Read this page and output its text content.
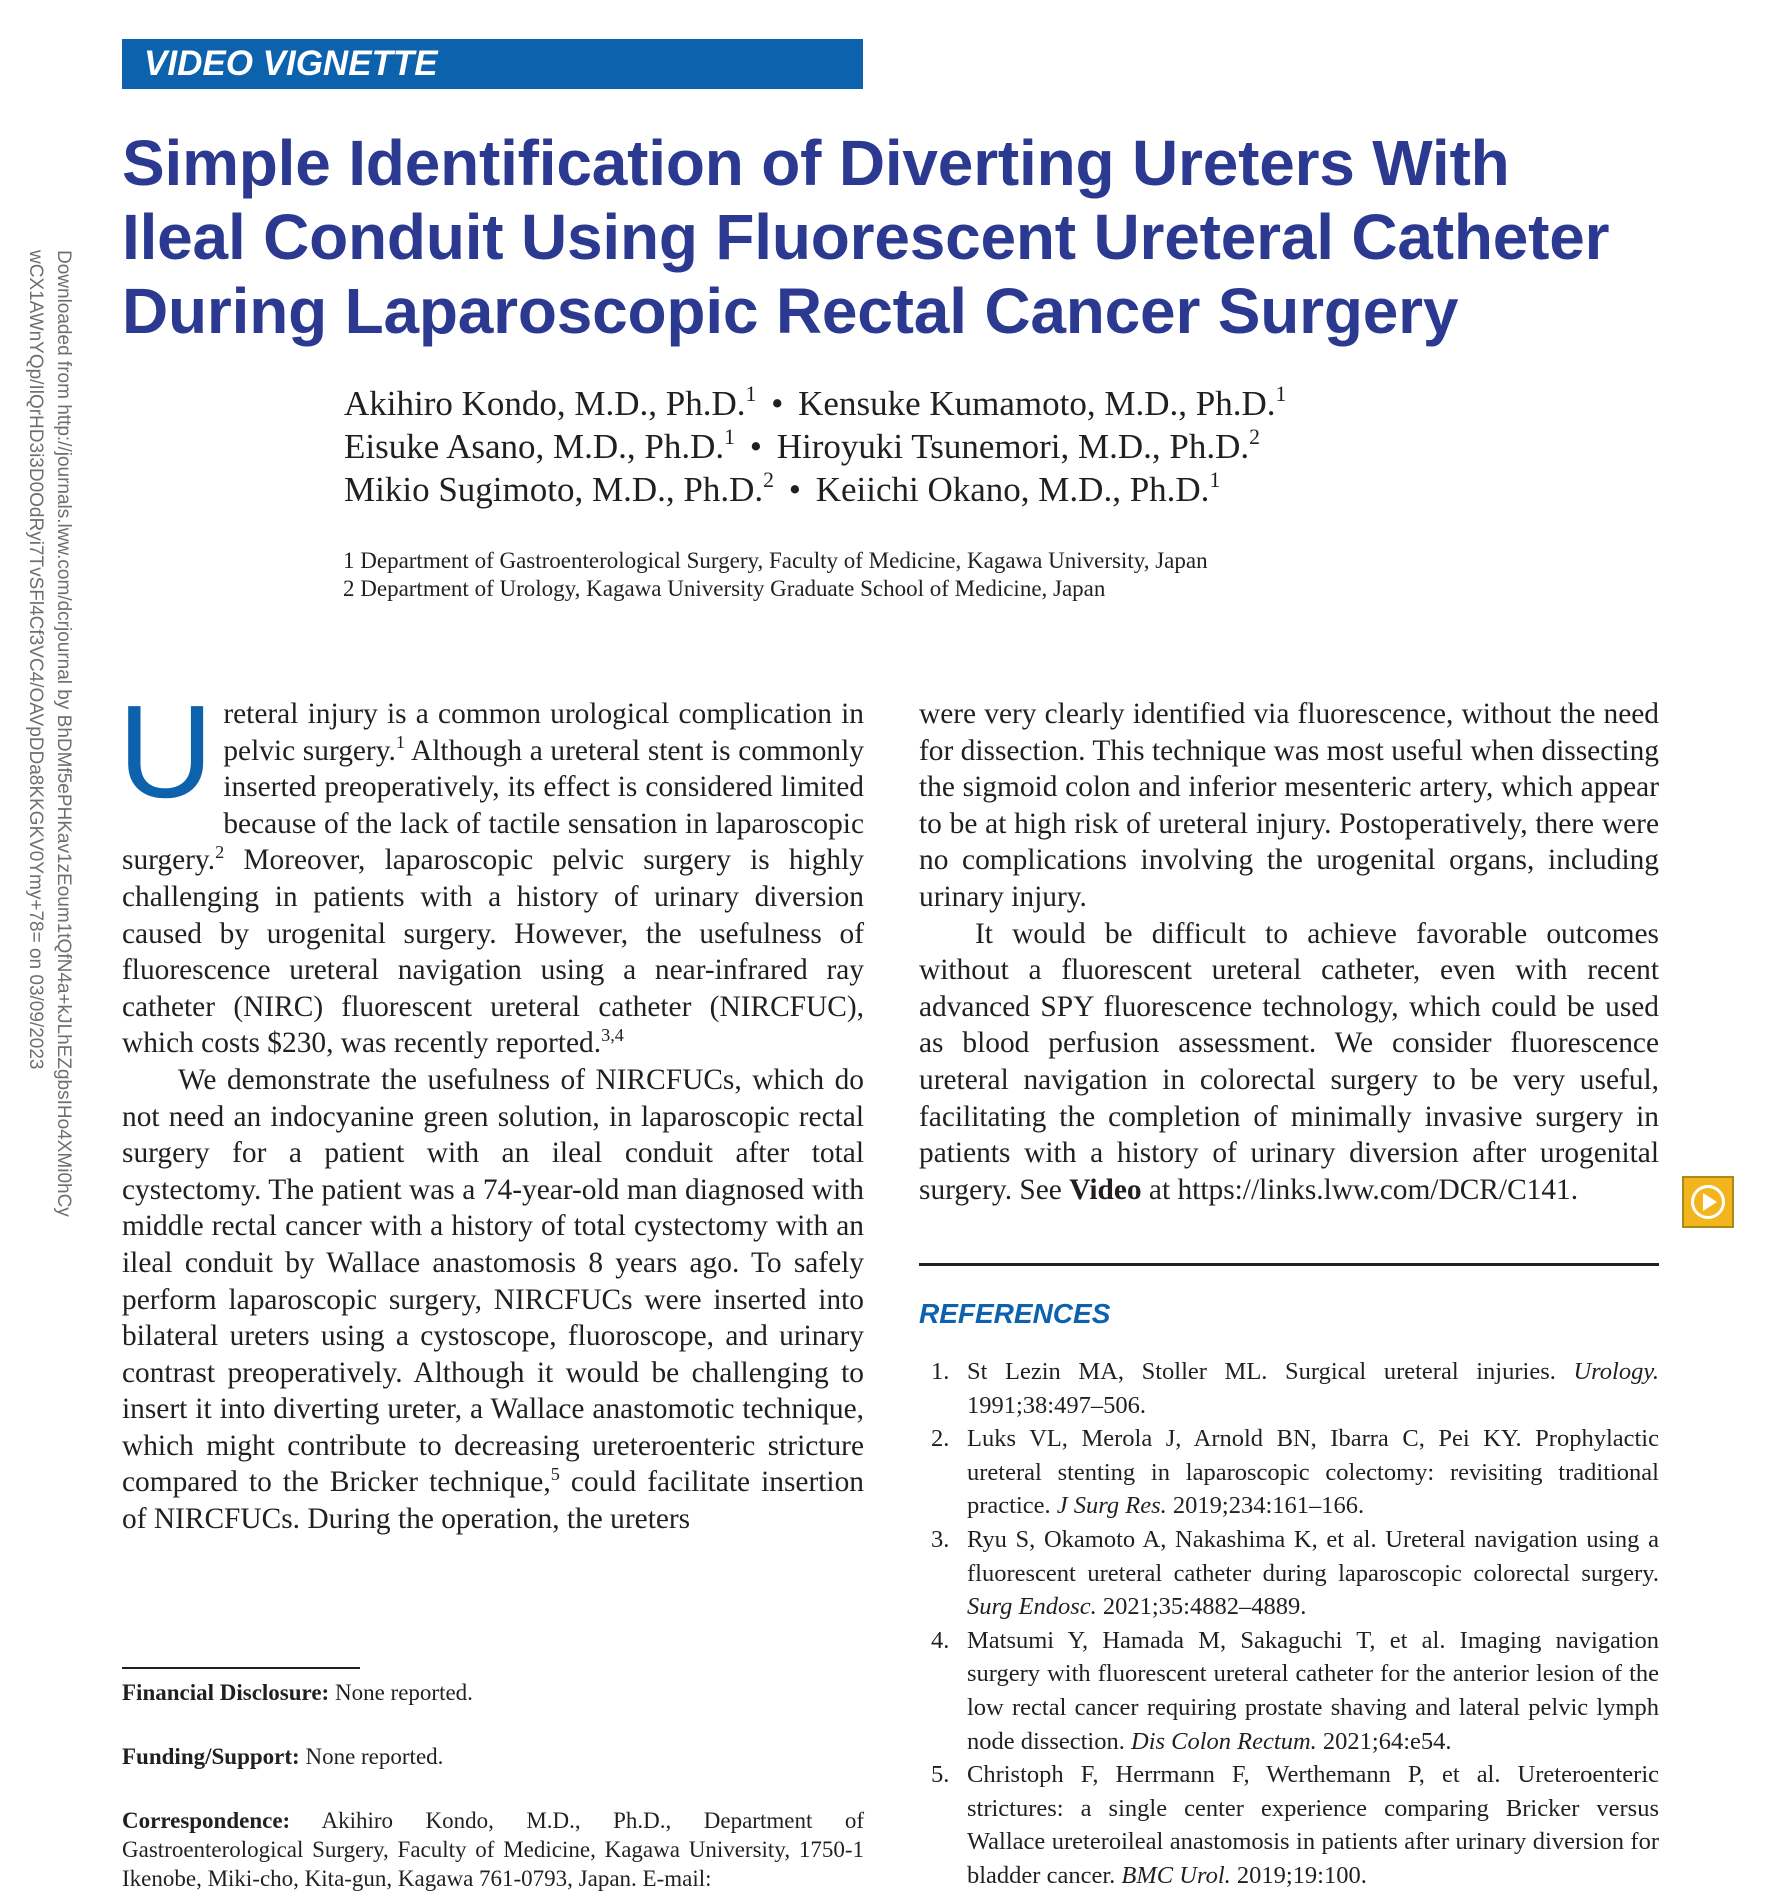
Downloaded from http://journals.lww.com/dcrjournal by BhDMf5ePHKav1zEoum1tQfN4a+kJLhEZgbsIHo4XMi0hCy
wCX1AWnYQp/IlQrHD3i3D0OdRyi7TvSFl4Cf3VC4/OAVpDDa8KKGKV0Ymy+78= on 03/09/2023
VIDEO VIGNETTE
Simple Identification of Diverting Ureters With
Ileal Conduit Using Fluorescent Ureteral Catheter
During Laparoscopic Rectal Cancer Surgery
Akihiro Kondo, M.D., Ph.D.$^1$ • Kensuke Kumamoto, M.D., Ph.D.$^1$
Eisuke Asano, M.D., Ph.D.$^1$ • Hiroyuki Tsunemori, M.D., Ph.D.$^2$
Mikio Sugimoto, M.D., Ph.D.$^2$ • Keiichi Okano, M.D., Ph.D.$^1$
1 Department of Gastroenterological Surgery, Faculty of Medicine, Kagawa University, Japan
2 Department of Urology, Kagawa University Graduate School of Medicine, Japan

Ureteral injury is a common urological complication in pelvic surgery.$^1$ Although a ureteral stent is commonly inserted preoperatively, its effect is considered limited because of the lack of tactile sensation in laparoscopic surgery.$^2$ Moreover, laparoscopic pelvic surgery is highly challenging in patients with a history of urinary diversion caused by urogenital surgery. However, the usefulness of fluorescence ureteral navigation using a near-infrared ray catheter (NIRC) fluorescent ureteral catheter (NIRCFUC), which costs $230, was recently reported.$^{3,4}$

We demonstrate the usefulness of NIRCFUCs, which do not need an indocyanine green solution, in laparoscopic rectal surgery for a patient with an ileal conduit after total cystectomy. The patient was a 74-year-old man diagnosed with middle rectal cancer with a history of total cystectomy with an ileal conduit by Wallace anastomosis 8 years ago. To safely perform laparoscopic surgery, NIRCFUCs were inserted into bilateral ureters using a cystoscope, fluoroscope, and urinary contrast preoperatively. Although it would be challenging to insert it into diverting ureter, a Wallace anastomotic technique, which might contribute to decreasing ureteroenteric stricture compared to the Bricker technique,$^5$ could facilitate insertion of NIRCFUCs. During the operation, the ureters

were very clearly identified via fluorescence, without the need for dissection. This technique was most useful when dissecting the sigmoid colon and inferior mesenteric artery, which appear to be at high risk of ureteral injury. Postoperatively, there were no complications involving the urogenital organs, including urinary injury.

It would be difficult to achieve favorable outcomes without a fluorescent ureteral catheter, even with recent advanced SPY fluorescence technology, which could be used as blood perfusion assessment. We consider fluorescence ureteral navigation in colorectal surgery to be very useful, facilitating the completion of minimally invasive surgery in patients with a history of urinary diversion after urogenital surgery. See Video at https://links.lww.com/DCR/C141.

REFERENCES
1. St Lezin MA, Stoller ML. Surgical ureteral injuries. Urology. 1991;38:497–506.
2. Luks VL, Merola J, Arnold BN, Ibarra C, Pei KY. Prophylactic ureteral stenting in laparoscopic colectomy: revisiting traditional practice. J Surg Res. 2019;234:161–166.
3. Ryu S, Okamoto A, Nakashima K, et al. Ureteral navigation using a fluorescent ureteral catheter during laparoscopic colorectal surgery. Surg Endosc. 2021;35:4882–4889.
4. Matsumi Y, Hamada M, Sakaguchi T, et al. Imaging navigation surgery with fluorescent ureteral catheter for the anterior lesion of the low rectal cancer requiring prostate shaving and lateral pelvic lymph node dissection. Dis Colon Rectum. 2021;64:e54.
5. Christoph F, Herrmann F, Werthemann P, et al. Ureteroenteric strictures: a single center experience comparing Bricker versus Wallace ureteroileal anastomosis in patients after urinary diversion for bladder cancer. BMC Urol. 2019;19:100.

Financial Disclosure: None reported.

Funding/Support: None reported.

Correspondence: Akihiro Kondo, M.D., Ph.D., Department of Gastroenterological Surgery, Faculty of Medicine, Kagawa University, 1750-1 Ikenobe, Miki-cho, Kita-gun, Kagawa 761-0793, Japan. E-mail:
